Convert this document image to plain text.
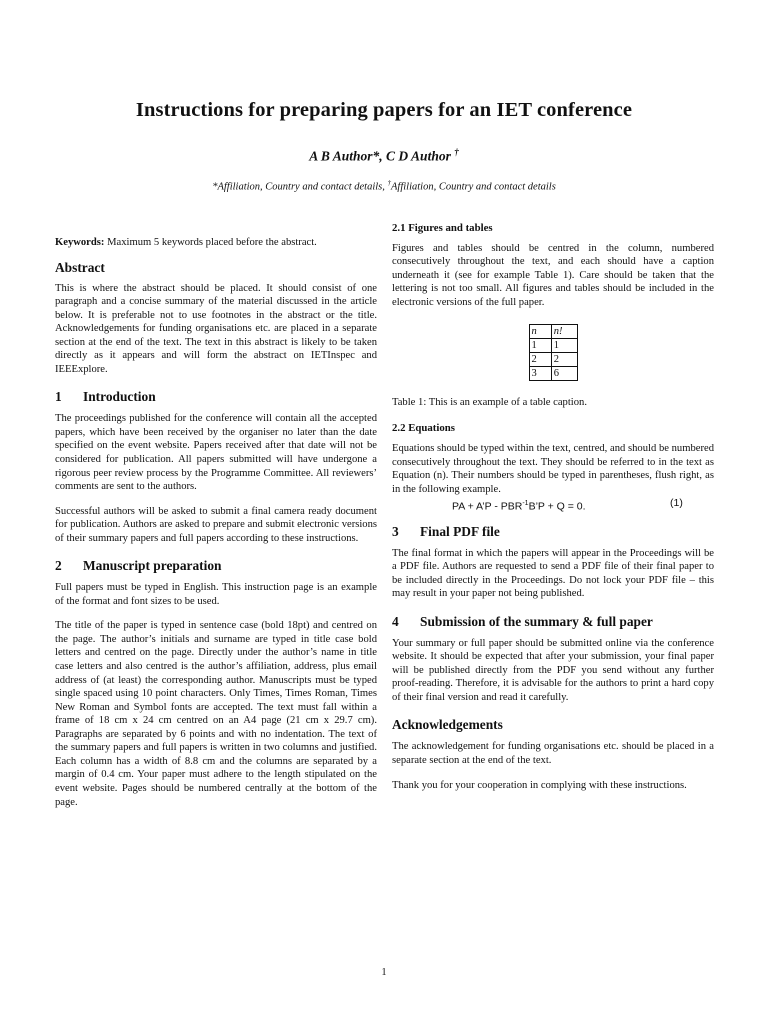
Instructions for preparing papers for an IET conference
A B Author*, C D Author †
*Affiliation, Country and contact details, †Affiliation, Country and contact details

Keywords: Maximum 5 keywords placed before the abstract.

Abstract

This is where the abstract should be placed. It should consist of one paragraph and a concise summary of the material discussed in the article below. It is preferable not to use footnotes in the abstract or the title. Acknowledgements for funding organisations etc. are placed in a separate section at the end of the text. The text in this abstract is likely to be taken directly as it appears and will form the abstract on IETInspec and IEEExplore.

1 Introduction

The proceedings published for the conference will contain all the accepted papers, which have been received by the organiser no later than the date specified on the event website. Papers received after that date will not be considered for publication. All papers submitted will have undergone a rigorous peer review process by the Programme Committee. All reviewers’ comments are sent to the authors.

Successful authors will be asked to submit a final camera ready document for publication. Authors are asked to prepare and submit electronic versions of their summary papers and full papers according to these instructions.

2 Manuscript preparation

Full papers must be typed in English. This instruction page is an example of the format and font sizes to be used.

The title of the paper is typed in sentence case (bold 18pt) and centred on the page. The author’s initials and surname are typed in title case bold letters and centred on the page. Directly under the author’s name in title case letters and also centred is the author’s affiliation, address, plus email address of (at least) the corresponding author. Manuscripts must be typed single spaced using 10 point characters. Only Times, Times Roman, Times New Roman and Symbol fonts are accepted. The text must fall within a frame of 18 cm x 24 cm centred on an A4 page (21 cm x 29.7 cm). Paragraphs are separated by 6 points and with no indentation. The text of the summary papers and full papers is written in two columns and justified. Each column has a width of 8.8 cm and the columns are separated by a margin of 0.4 cm. Your paper must adhere to the length stipulated on the event website. Pages should be numbered centrally at the bottom of the page.

2.1 Figures and tables

Figures and tables should be centred in the column, numbered consecutively throughout the text, and each should have a caption underneath it (see for example Table 1). Care should be taken that the lettering is not too small. All figures and tables should be included in the electronic versions of the full paper.

n	n!
1	1
2	2
3	6

Table 1: This is an example of a table caption.

2.2 Equations

Equations should be typed within the text, centred, and should be numbered consecutively throughout the text. They should be referred to in the text as Equation (n). Their numbers should be typed in parentheses, flush right, as in the following example.

PA + A’P - $PBR^{-1}B’P + Q = 0$.	(1)
3 Final PDF file

The final format in which the papers will appear in the Proceedings will be a PDF file. Authors are requested to send a PDF file of their final paper to be included directly in the Proceedings. Do not lock your PDF file – this may result in your paper not being published.

4 Submission of the summary & full paper

Your summary or full paper should be submitted online via the conference website. It should be expected that after your submission, your final paper will be published directly from the PDF you send without any further proof-reading. Therefore, it is advisable for the authors to print a hard copy of their final version and read it carefully.

Acknowledgements

The acknowledgement for funding organisations etc. should be placed in a separate section at the end of the text.

Thank you for your cooperation in complying with these instructions.

1
